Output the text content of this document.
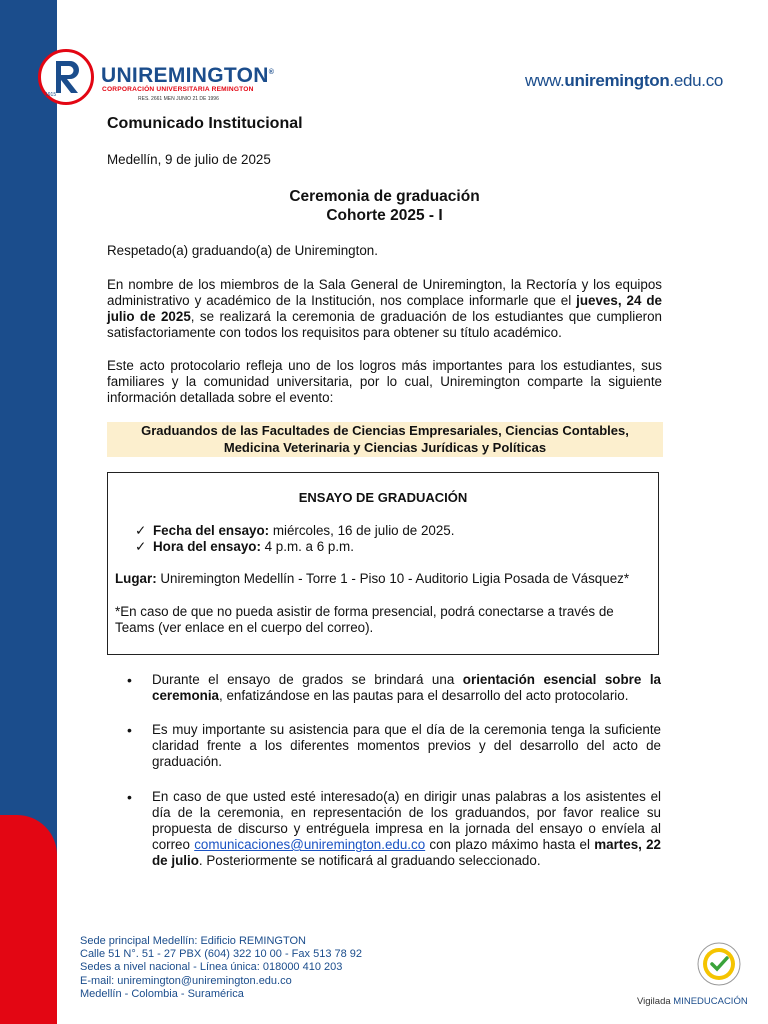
1915
UNIREMINGTON®
CORPORACIÓN UNIVERSITARIA REMINGTON
RES. 2661 MEN JUNIO 21 DE 1996
www.uniremington.edu.co
Comunicado Institucional
Medellín, 9 de julio de 2025
Ceremonia de graduación
Cohorte 2025 - I
Respetado(a) graduando(a) de Uniremington.
En nombre de los miembros de la Sala General de Uniremington, la Rectoría y los equipos administrativo y académico de la Institución, nos complace informarle que el jueves, 24 de julio de 2025, se realizará la ceremonia de graduación de los estudiantes que cumplieron satisfactoriamente con todos los requisitos para obtener su título académico.
Este acto protocolario refleja uno de los logros más importantes para los estudiantes, sus familiares y la comunidad universitaria, por lo cual, Uniremington comparte la siguiente información detallada sobre el evento:
Graduandos de las Facultades de Ciencias Empresariales, Ciencias Contables,
Medicina Veterinaria y Ciencias Jurídicas y Políticas
ENSAYO DE GRADUACIÓN
✓ Fecha del ensayo: miércoles, 16 de julio de 2025.
✓ Hora del ensayo: 4 p.m. a 6 p.m.
Lugar: Uniremington Medellín - Torre 1 - Piso 10 - Auditorio Ligia Posada de Vásquez*
*En caso de que no pueda asistir de forma presencial, podrá conectarse a través de Teams (ver enlace en el cuerpo del correo).
• Durante el ensayo de grados se brindará una orientación esencial sobre la ceremonia, enfatizándose en las pautas para el desarrollo del acto protocolario.
• Es muy importante su asistencia para que el día de la ceremonia tenga la suficiente claridad frente a los diferentes momentos previos y del desarrollo del acto de graduación.
• En caso de que usted esté interesado(a) en dirigir unas palabras a los asistentes el día de la ceremonia, en representación de los graduandos, por favor realice su propuesta de discurso y entréguela impresa en la jornada del ensayo o envíela al correo comunicaciones@uniremington.edu.co con plazo máximo hasta el martes, 22 de julio. Posteriormente se notificará al graduando seleccionado.
Sede principal Medellín: Edificio REMINGTON
Calle 51 N°. 51 - 27 PBX (604) 322 10 00 - Fax 513 78 92
Sedes a nivel nacional - Línea única: 018000 410 203
E-mail: uniremington@uniremington.edu.co
Medellín - Colombia - Suramérica
Vigilada MINEDUCACIÓN
